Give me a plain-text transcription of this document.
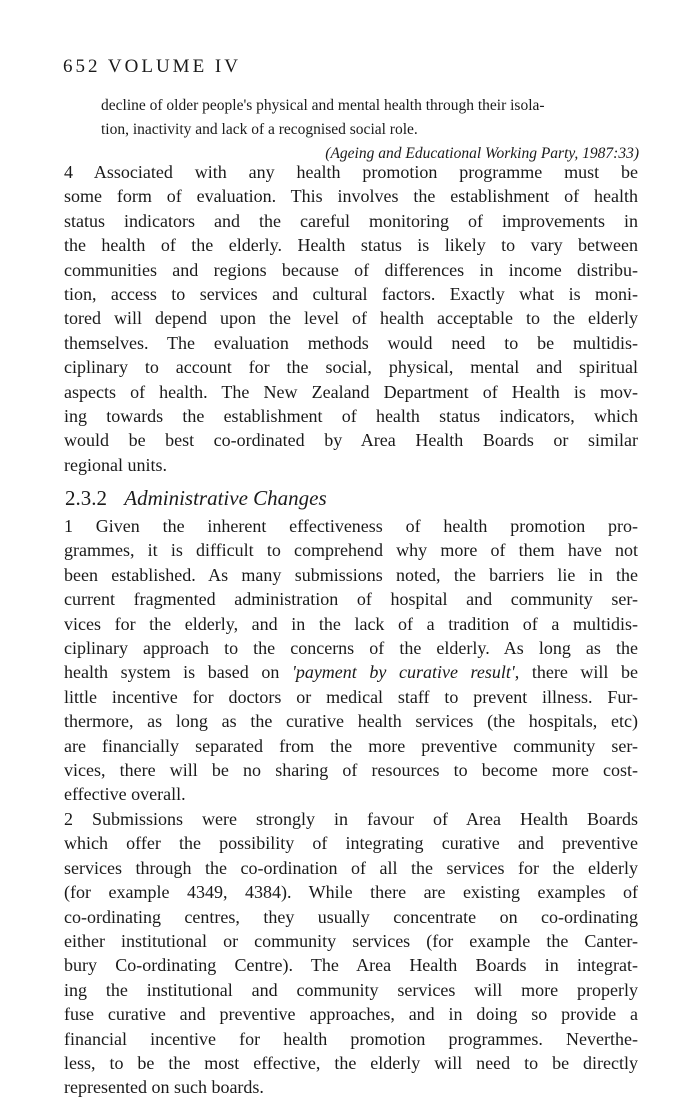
652 VOLUME IV
decline of older people's physical and mental health through their isola-
tion, inactivity and lack of a recognised social role.
(Ageing and Educational Working Party, 1987:33)
4 Associated with any health promotion programme must be
some form of evaluation. This involves the establishment of health
status indicators and the careful monitoring of improvements in
the health of the elderly. Health status is likely to vary between
communities and regions because of differences in income distribu-
tion, access to services and cultural factors. Exactly what is moni-
tored will depend upon the level of health acceptable to the elderly
themselves. The evaluation methods would need to be multidis-
ciplinary to account for the social, physical, mental and spiritual
aspects of health. The New Zealand Department of Health is mov-
ing towards the establishment of health status indicators, which
would be best co-ordinated by Area Health Boards or similar
regional units.
2.3.2 Administrative Changes
1 Given the inherent effectiveness of health promotion pro-
grammes, it is difficult to comprehend why more of them have not
been established. As many submissions noted, the barriers lie in the
current fragmented administration of hospital and community ser-
vices for the elderly, and in the lack of a tradition of a multidis-
ciplinary approach to the concerns of the elderly. As long as the
health system is based on 'payment by curative result', there will be
little incentive for doctors or medical staff to prevent illness. Fur-
thermore, as long as the curative health services (the hospitals, etc)
are financially separated from the more preventive community ser-
vices, there will be no sharing of resources to become more cost-
effective overall.
2 Submissions were strongly in favour of Area Health Boards
which offer the possibility of integrating curative and preventive
services through the co-ordination of all the services for the elderly
(for example 4349, 4384). While there are existing examples of
co-ordinating centres, they usually concentrate on co-ordinating
either institutional or community services (for example the Canter-
bury Co-ordinating Centre). The Area Health Boards in integrat-
ing the institutional and community services will more properly
fuse curative and preventive approaches, and in doing so provide a
financial incentive for health promotion programmes. Neverthe-
less, to be the most effective, the elderly will need to be directly
represented on such boards.
